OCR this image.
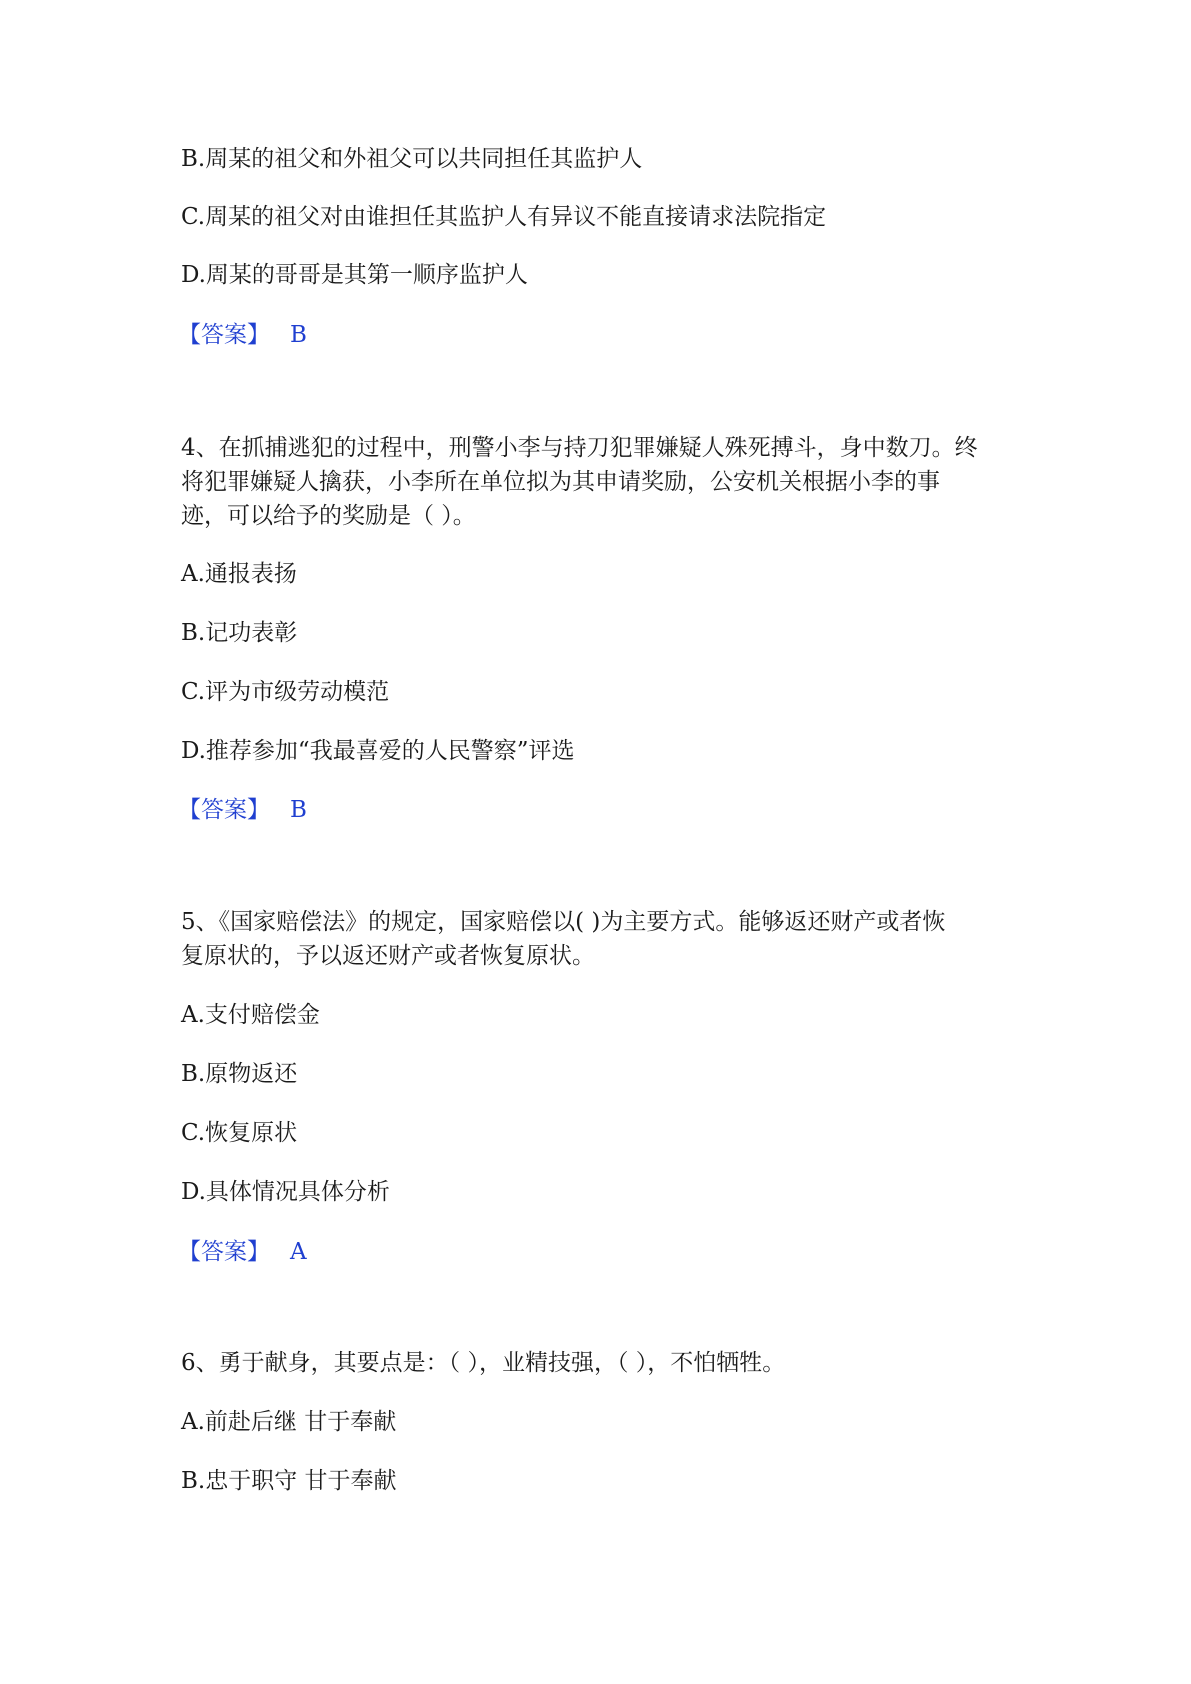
B.周某的祖父和外祖父可以共同担任其监护人
C.周某的祖父对由谁担任其监护人有异议不能直接请求法院指定
D.周某的哥哥是其第一顺序监护人
【答案】 B
4、在抓捕逃犯的过程中，刑警小李与持刀犯罪嫌疑人殊死搏斗，身中数刀。终
将犯罪嫌疑人擒获，小李所在单位拟为其申请奖励，公安机关根据小李的事
迹，可以给予的奖励是（ ）。
A.通报表扬
B.记功表彰
C.评为市级劳动模范
D.推荐参加“我最喜爱的人民警察”评选
【答案】 B
5、《国家赔偿法》的规定，国家赔偿以( )为主要方式。能够返还财产或者恢
复原状的，予以返还财产或者恢复原状。
A.支付赔偿金
B.原物返还
C.恢复原状
D.具体情况具体分析
【答案】 A
6、勇于献身，其要点是：（ ），业精技强，（ ），不怕牺牲。
A.前赴后继 甘于奉献
B.忠于职守 甘于奉献
